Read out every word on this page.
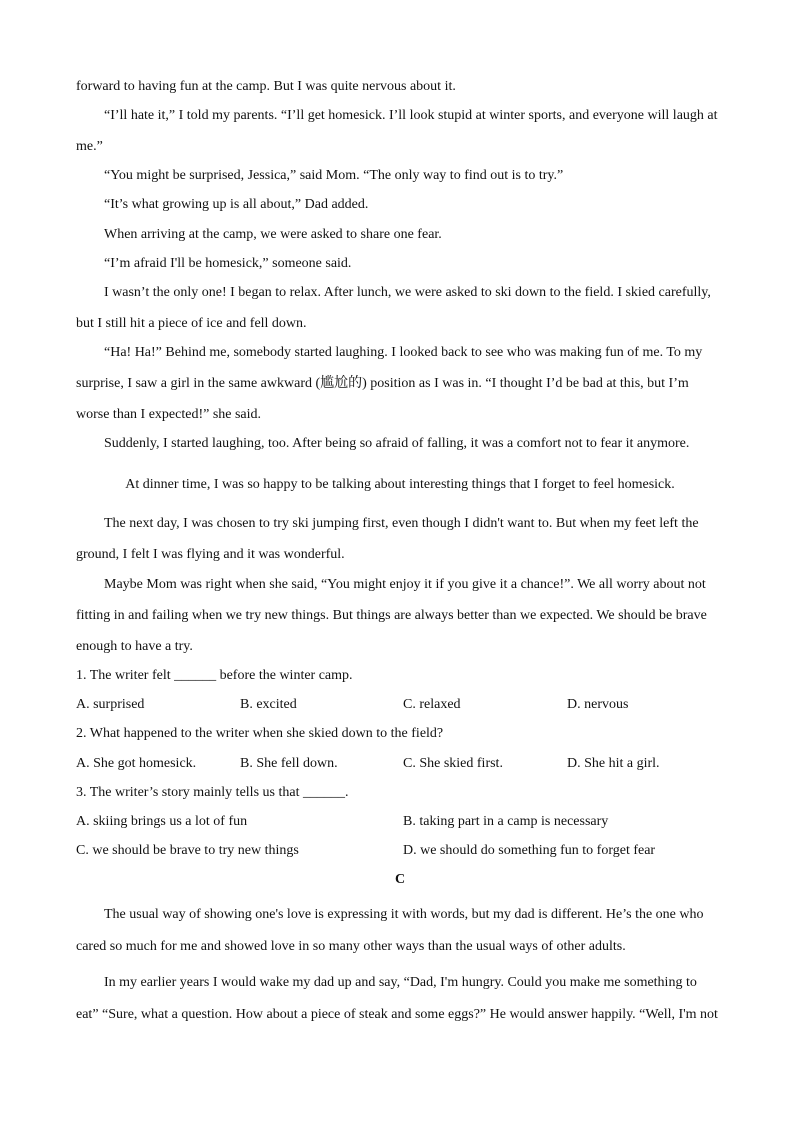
forward to having fun at the camp. But I was quite nervous about it.
“I’ll hate it,” I told my parents. “I’ll get homesick. I’ll look stupid at winter sports, and everyone will laugh at
me.”
“You might be surprised, Jessica,” said Mom. “The only way to find out is to try.”
“It’s what growing up is all about,” Dad added.
When arriving at the camp, we were asked to share one fear.
“I’m afraid I'll be homesick,” someone said.
I wasn’t the only one! I began to relax. After lunch, we were asked to ski down to the field. I skied carefully,
but I still hit a piece of ice and fell down.
“Ha! Ha!” Behind me, somebody started laughing. I looked back to see who was making fun of me. To my
surprise, I saw a girl in the same awkward (尴尬的) position as I was in. “I thought I’d be bad at this, but I’m
worse than I expected!” she said.
Suddenly, I started laughing, too. After being so afraid of falling, it was a comfort not to fear it anymore.
At dinner time, I was so happy to be talking about interesting things that I forget to feel homesick.
The next day, I was chosen to try ski jumping first, even though I didn't want to. But when my feet left the
ground, I felt I was flying and it was wonderful.
Maybe Mom was right when she said, “You might enjoy it if you give it a chance!”. We all worry about not
fitting in and failing when we try new things. But things are always better than we expected. We should be brave
enough to have a try.
1. The writer felt ______ before the winter camp.
A. surprised	B. excited	C. relaxed	D. nervous
2. What happened to the writer when she skied down to the field?
A. She got homesick.	B. She fell down.	C. She skied first.	D. She hit a girl.
3. The writer’s story mainly tells us that ______.
A. skiing brings us a lot of fun	B. taking part in a camp is necessary
C. we should be brave to try new things	D. we should do something fun to forget fear
C
The usual way of showing one's love is expressing it with words, but my dad is different. He’s the one who
cared so much for me and showed love in so many other ways than the usual ways of other adults.
In my earlier years I would wake my dad up and say, “Dad, I'm hungry. Could you make me something to
eat” “Sure, what a question. How about a piece of steak and some eggs?” He would answer happily. “Well, I'm not
